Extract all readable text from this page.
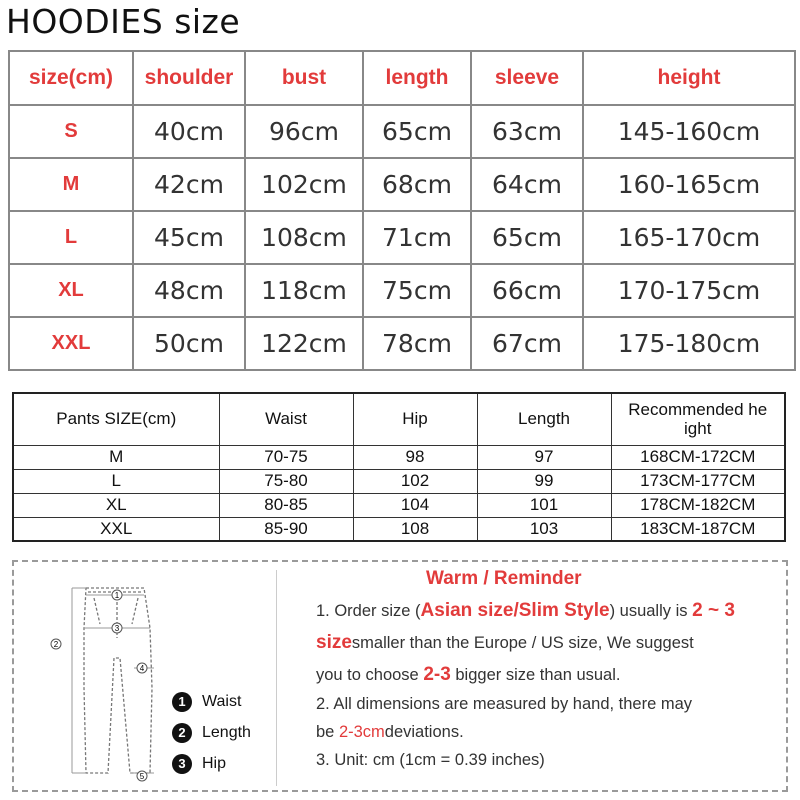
HOODIES size
size(cm)	shoulder	bust	length	sleeve	height
S	40cm	96cm	65cm	63cm	145-160cm
M	42cm	102cm	68cm	64cm	160-165cm
L	45cm	108cm	71cm	65cm	165-170cm
XL	48cm	118cm	75cm	66cm	170-175cm
XXL	50cm	122cm	78cm	67cm	175-180cm
Pants SIZE(cm)	Waist	Hip	Length	Recommended he ight
M	70-75	98	97	168CM-172CM
L	75-80	102	99	173CM-177CM
XL	80-85	104	101	178CM-182CM
XXL	85-90	108	103	183CM-187CM
1
2
3
4
5
1	Waist
2	Length
3	Hip
Warm / Reminder
1. Order size (Asian size/Slim Style) usually is 2 ~ 3
sizesmaller than the Europe / US size, We suggest
you to choose 2-3 bigger size than usual.
2. All dimensions are measured by hand, there may
be 2-3cmdeviations.
3. Unit: cm (1cm = 0.39 inches)
